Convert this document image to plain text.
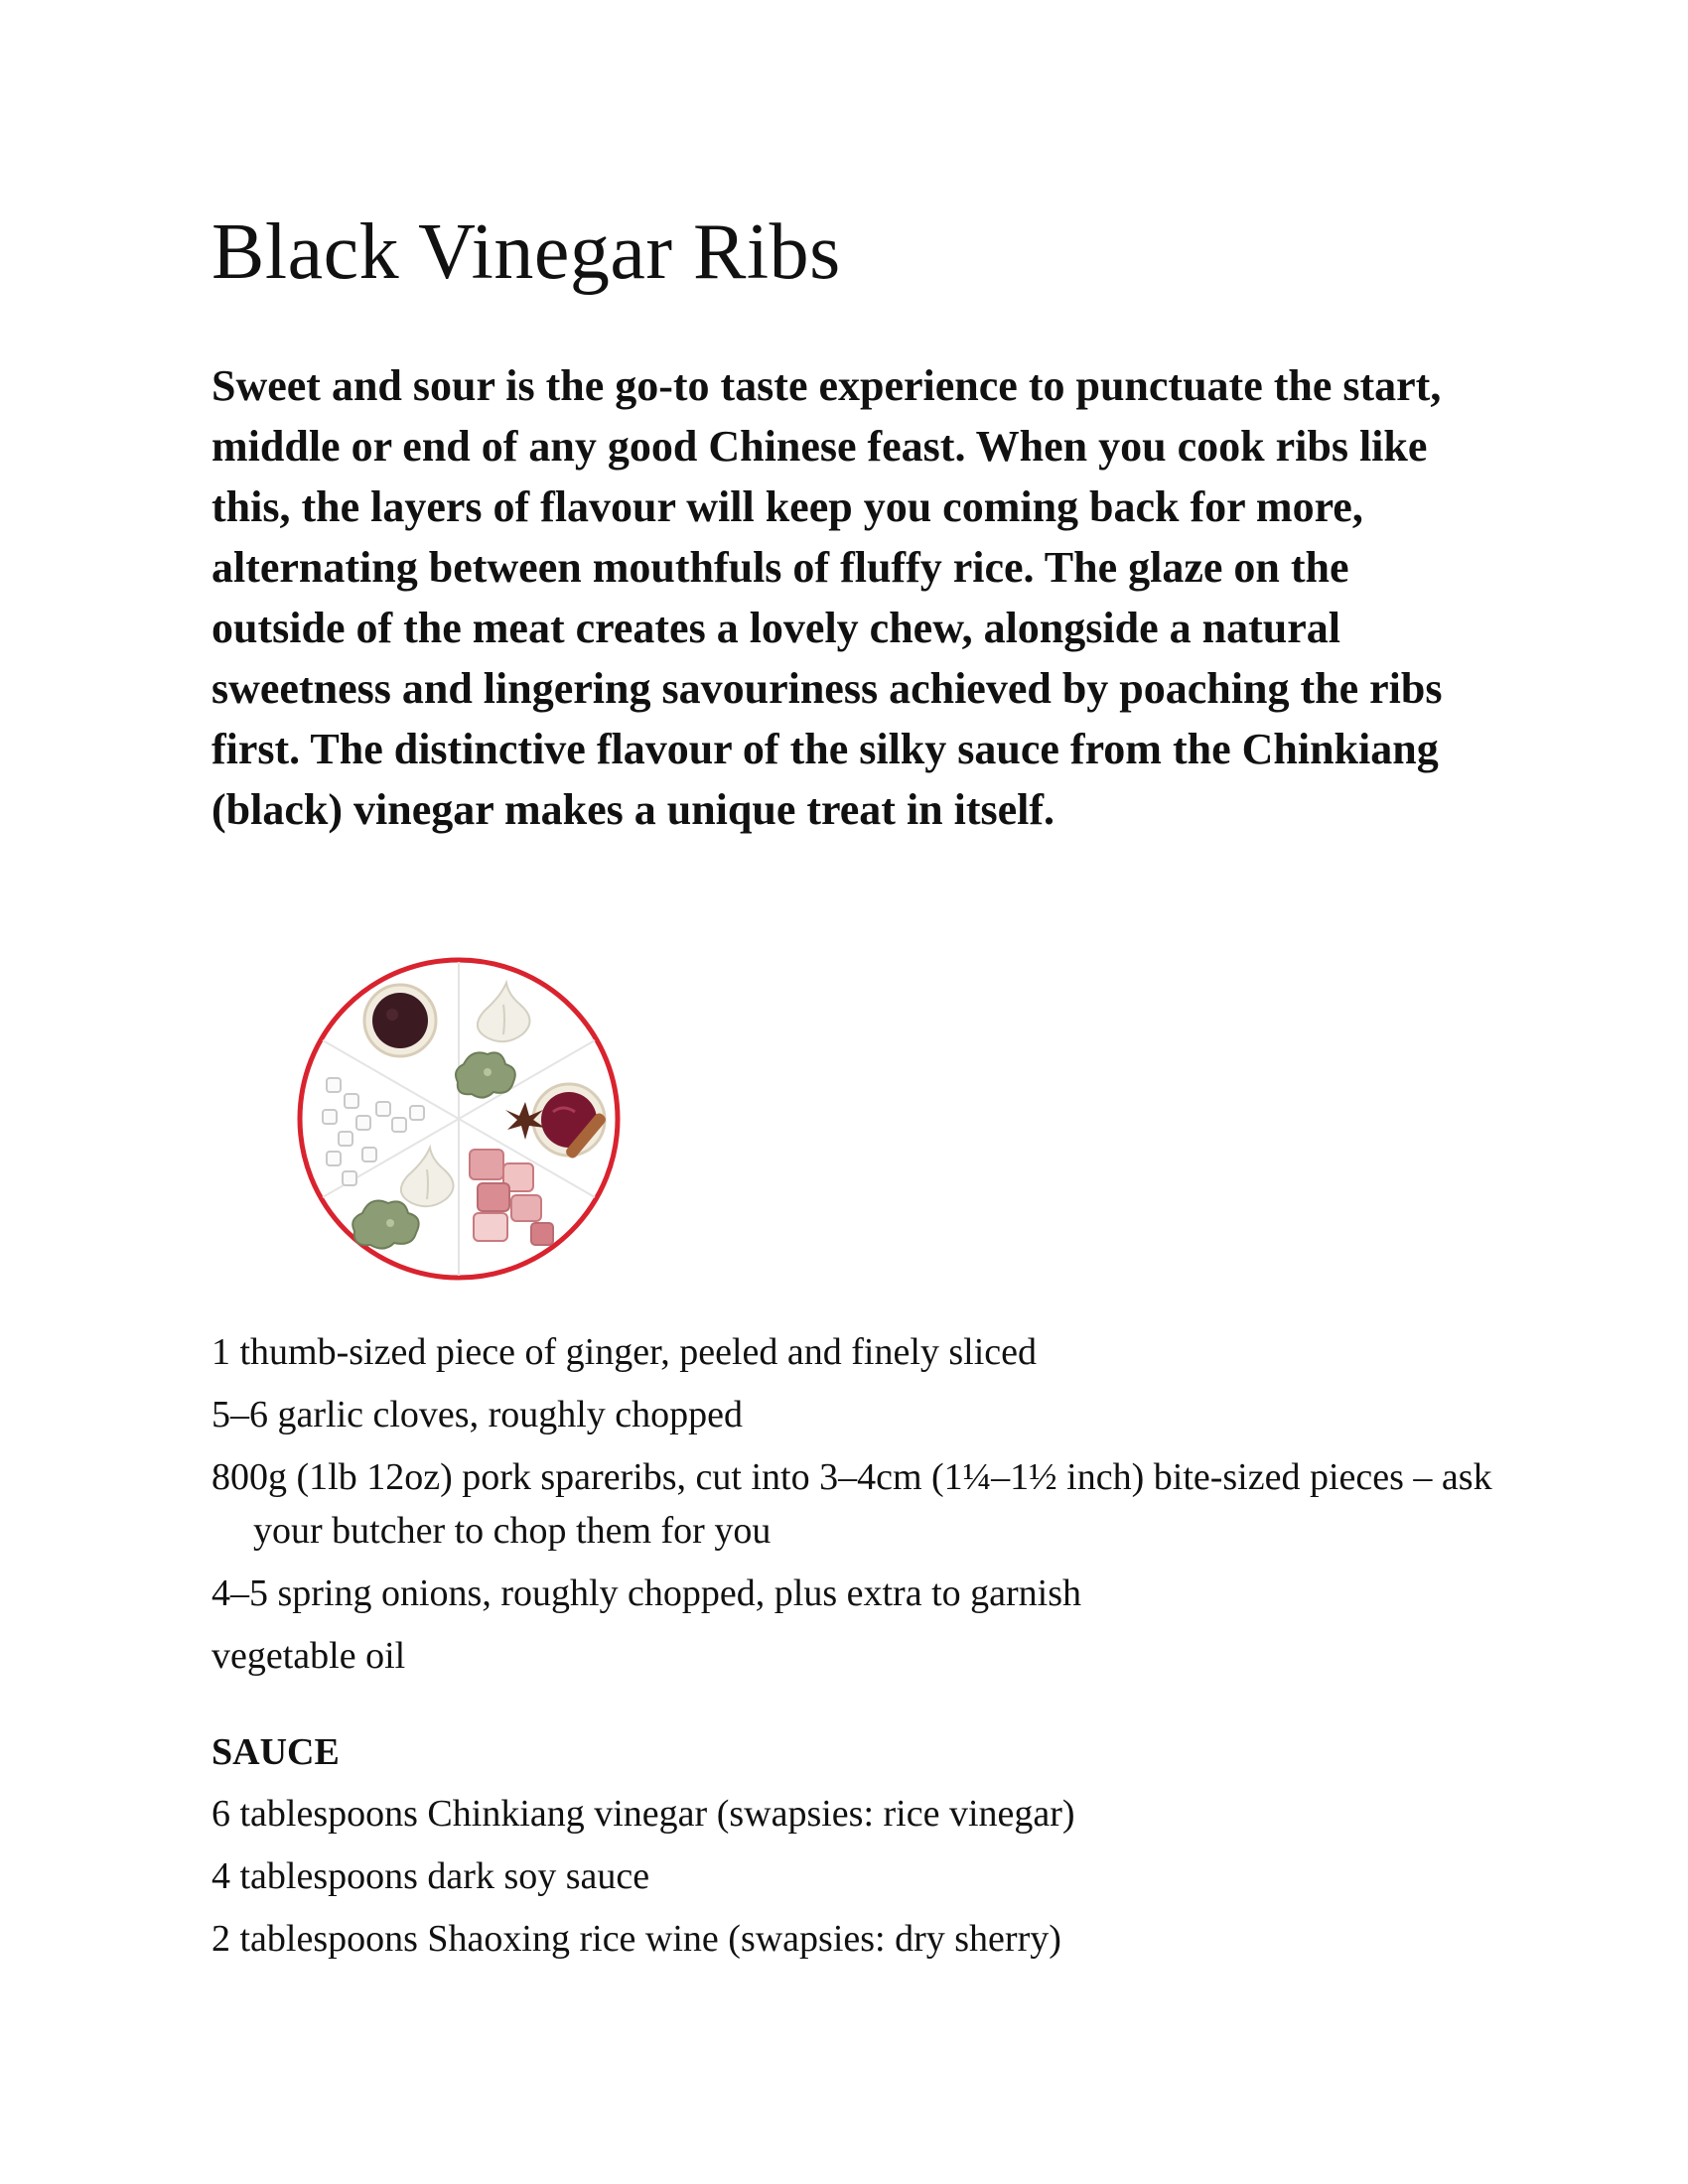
Black Vinegar Ribs

Sweet and sour is the go-to taste experience to punctuate the start, middle or end of any good Chinese feast. When you cook ribs like this, the layers of flavour will keep you coming back for more, alternating between mouthfuls of fluffy rice. The glaze on the outside of the meat creates a lovely chew, alongside a natural sweetness and lingering savouriness achieved by poaching the ribs first. The distinctive flavour of the silky sauce from the Chinkiang (black) vinegar makes a unique treat in itself.

1 thumb-sized piece of ginger, peeled and finely sliced
5–6 garlic cloves, roughly chopped
800g (1lb 12oz) pork spareribs, cut into 3–4cm (1¼–1½ inch) bite-sized pieces – ask your butcher to chop them for you
4–5 spring onions, roughly chopped, plus extra to garnish
vegetable oil
SAUCE
6 tablespoons Chinkiang vinegar (swapsies: rice vinegar)
4 tablespoons dark soy sauce
2 tablespoons Shaoxing rice wine (swapsies: dry sherry)
